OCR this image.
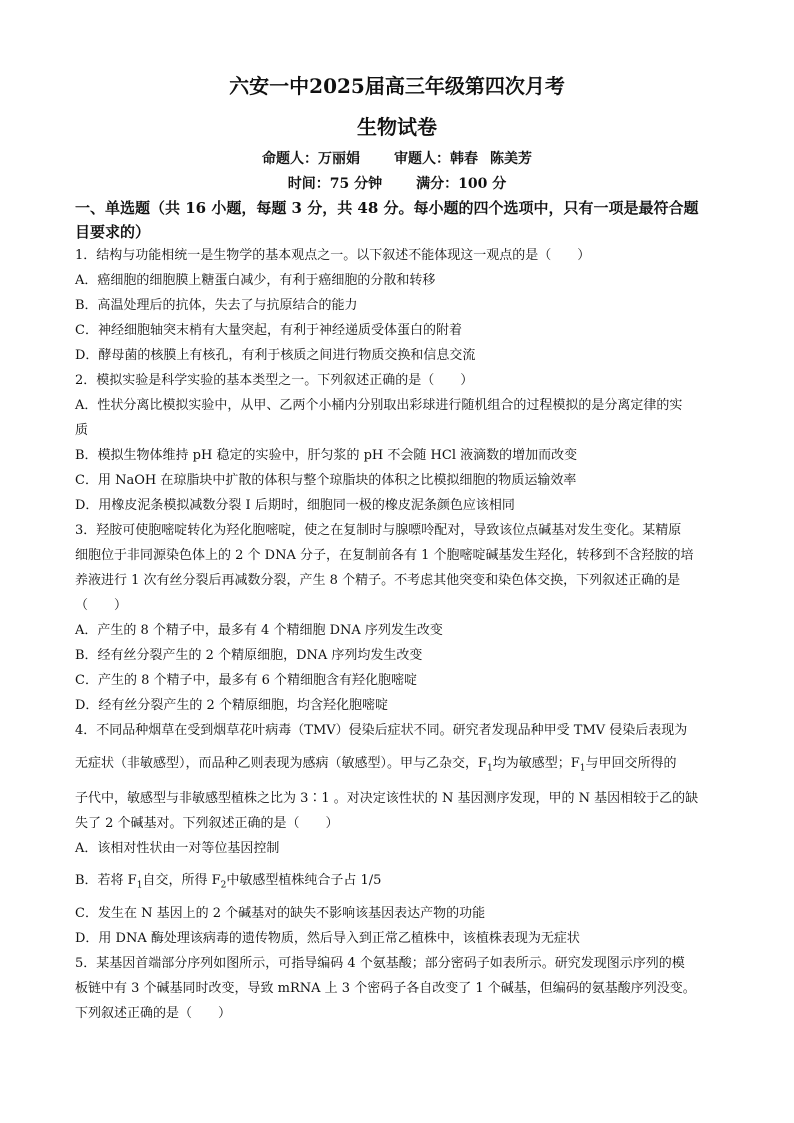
六安一中2025届高三年级第四次月考
生物试卷
命题人：万丽娟 审题人：韩春 陈美芳
时间：75 分钟 满分：100 分
一、单选题（共 16 小题，每题 3 分，共 48 分。每小题的四个选项中，只有一项是最符合题
目要求的）
1．结构与功能相统一是生物学的基本观点之一。以下叙述不能体现这一观点的是（　　）
A．癌细胞的细胞膜上糖蛋白减少，有利于癌细胞的分散和转移
B．高温处理后的抗体，失去了与抗原结合的能力
C．神经细胞轴突末梢有大量突起，有利于神经递质受体蛋白的附着
D．酵母菌的核膜上有核孔，有利于核质之间进行物质交换和信息交流
2．模拟实验是科学实验的基本类型之一。下列叙述正确的是（　　）
A．性状分离比模拟实验中，从甲、乙两个小桶内分别取出彩球进行随机组合的过程模拟的是分离定律的实
质
B．模拟生物体维持 pH 稳定的实验中，肝匀浆的 pH 不会随 HCl 液滴数的增加而改变
C．用 NaOH 在琼脂块中扩散的体积与整个琼脂块的体积之比模拟细胞的物质运输效率
D．用橡皮泥条模拟减数分裂 I 后期时，细胞同一极的橡皮泥条颜色应该相同
3．羟胺可使胞嘧啶转化为羟化胞嘧啶，使之在复制时与腺嘌呤配对，导致该位点碱基对发生变化。某精原
细胞位于非同源染色体上的 2 个 DNA 分子，在复制前各有 1 个胞嘧啶碱基发生羟化，转移到不含羟胺的培
养液进行 1 次有丝分裂后再减数分裂，产生 8 个精子。不考虑其他突变和染色体交换，下列叙述正确的是
（　　）
A．产生的 8 个精子中，最多有 4 个精细胞 DNA 序列发生改变
B．经有丝分裂产生的 2 个精原细胞，DNA 序列均发生改变
C．产生的 8 个精子中，最多有 6 个精细胞含有羟化胞嘧啶
D．经有丝分裂产生的 2 个精原细胞，均含羟化胞嘧啶
4．不同品种烟草在受到烟草花叶病毒（TMV）侵染后症状不同。研究者发现品种甲受 TMV 侵染后表现为
无症状（非敏感型），而品种乙则表现为感病（敏感型）。甲与乙杂交，$F_1$均为敏感型；$F_1$与甲回交所得的
子代中，敏感型与非敏感型植株之比为 3∶1 。对决定该性状的 N 基因测序发现，甲的 N 基因相较于乙的缺
失了 2 个碱基对。下列叙述正确的是（　　）
A．该相对性状由一对等位基因控制
B．若将 $F_1$自交，所得 $F_2$中敏感型植株纯合子占 1/5
C．发生在 N 基因上的 2 个碱基对的缺失不影响该基因表达产物的功能
D．用 DNA 酶处理该病毒的遗传物质，然后导入到正常乙植株中，该植株表现为无症状
5．某基因首端部分序列如图所示，可指导编码 4 个氨基酸；部分密码子如表所示。研究发现图示序列的模
板链中有 3 个碱基同时改变，导致 mRNA 上 3 个密码子各自改变了 1 个碱基，但编码的氨基酸序列没变。
下列叙述正确的是（　　）
